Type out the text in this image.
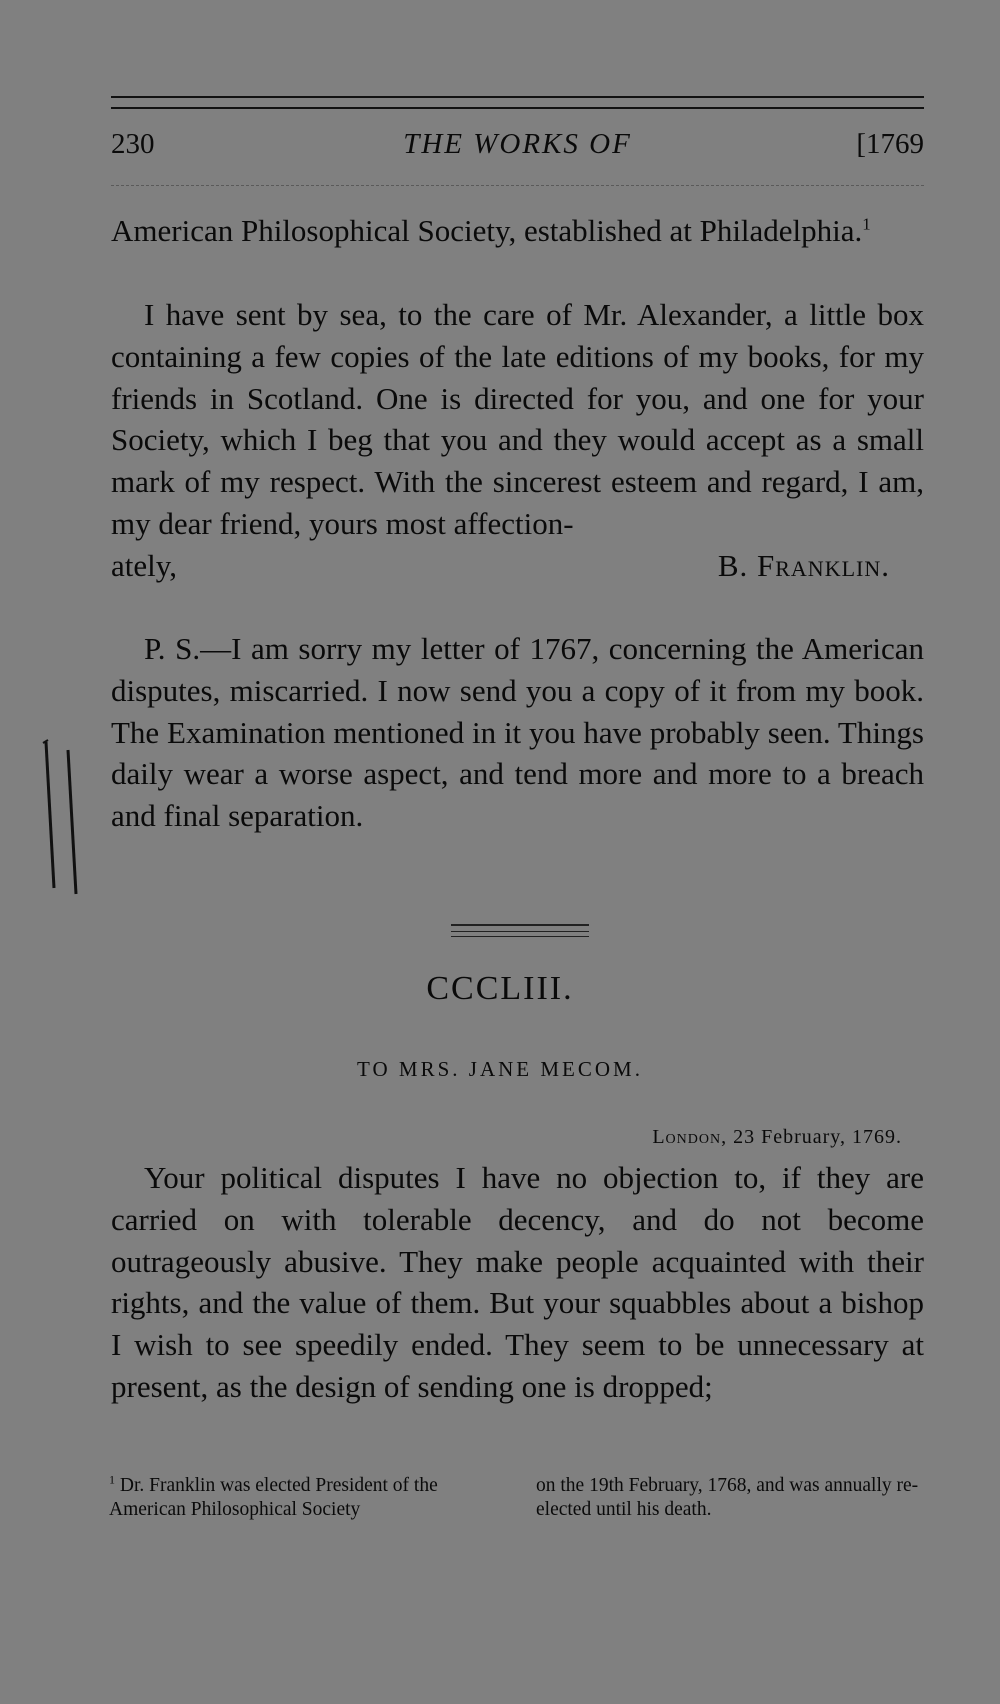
230	THE WORKS OF	[1769

American Philosophical Society, established at Philadelphia.$^1$

I have sent by sea, to the care of Mr. Alexander, a little box containing a few copies of the late editions of my books, for my friends in Scotland. One is directed for you, and one for your Society, which I beg that you and they would accept as a small mark of my respect. With the sincerest esteem and regard, I am, my dear friend, yours most affection-
ately,	B. Franklin.

P. S.—I am sorry my letter of 1767, concerning the American disputes, miscarried. I now send you a copy of it from my book. The Examination mentioned in it you have probably seen. Things daily wear a worse aspect, and tend more and more to a breach and final separation.

CCCLIII.
TO MRS. JANE MECOM.
London, 23 February, 1769.

Your political disputes I have no objection to, if they are carried on with tolerable decency, and do not become outrageously abusive. They make people acquainted with their rights, and the value of them. But your squabbles about a bishop I wish to see speedily ended. They seem to be unnecessary at present, as the design of sending one is dropped;

$^1$ Dr. Franklin was elected President of the American Philosophical Society
on the 19th February, 1768, and was annually re-elected until his death.
